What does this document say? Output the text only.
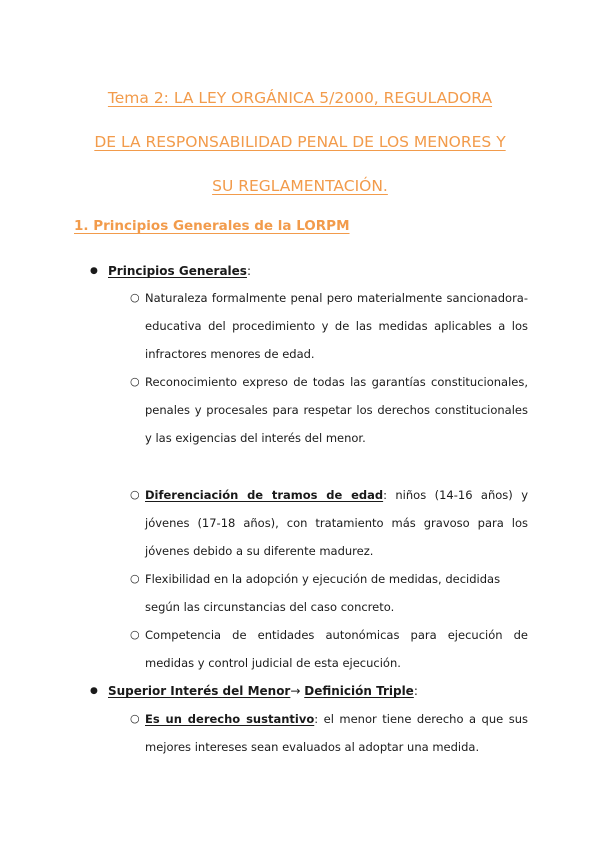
Tema 2: LA LEY ORGÁNICA 5/2000, REGULADORA
DE LA RESPONSABILIDAD PENAL DE LOS MENORES Y
SU REGLAMENTACIÓN.
1. Principios Generales de la LORPM
● Principios Generales:
○ Naturaleza formalmente penal pero materialmente sancionadora-educativa del procedimiento y de las medidas aplicables a los infractores menores de edad.
○ Reconocimiento expreso de todas las garantías constitucionales, penales y procesales para respetar los derechos constitucionales y las exigencias del interés del menor.
○ Diferenciación de tramos de edad: niños (14-16 años) y jóvenes (17-18 años), con tratamiento más gravoso para los jóvenes debido a su diferente madurez.
○ Flexibilidad en la adopción y ejecución de medidas, decididas según las circunstancias del caso concreto.
○ Competencia de entidades autonómicas para ejecución de medidas y control judicial de esta ejecución.
● Superior Interés del Menor→ Definición Triple:
○ Es un derecho sustantivo: el menor tiene derecho a que sus mejores intereses sean evaluados al adoptar una medida.
